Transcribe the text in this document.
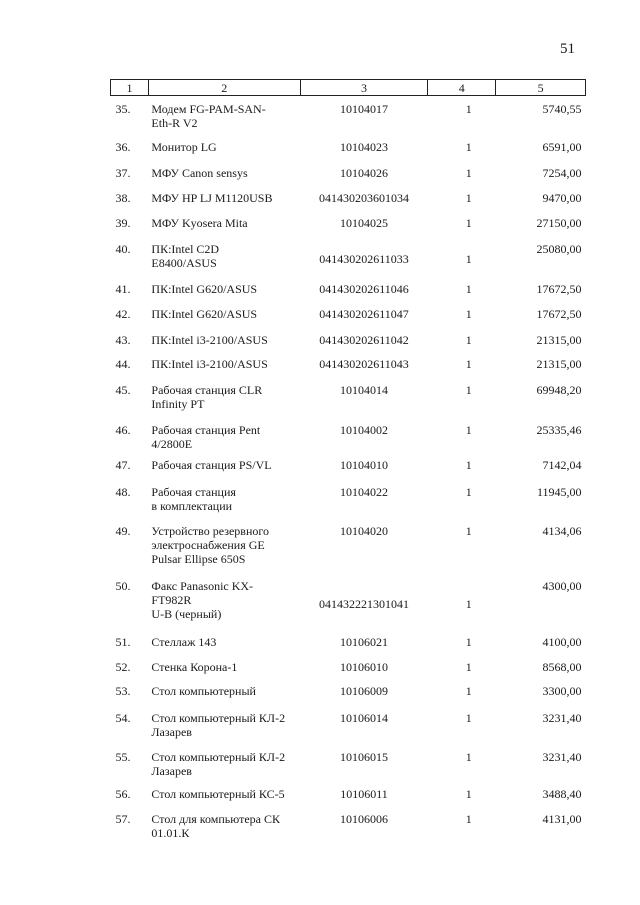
51
1	2	3	4	5
35.	Модем FG-PAM-SAN-
Eth-R V2	10104017	1	5740,55
36.	Монитор LG	10104023	1	6591,00
37.	МФУ Canon sensys	10104026	1	7254,00
38.	МФУ HP LJ M1120USB	041430203601034	1	9470,00
39.	МФУ Kyosera Mita	10104025	1	27150,00
40.	ПК:Intel C2D
E8400/ASUS	041430202611033	1	25080,00
41.	ПК:Intel G620/ASUS	041430202611046	1	17672,50
42.	ПК:Intel G620/ASUS	041430202611047	1	17672,50
43.	ПК:Intel i3-2100/ASUS	041430202611042	1	21315,00
44.	ПК:Intel i3-2100/ASUS	041430202611043	1	21315,00
45.	Рабочая станция CLR
Infinity PT	10104014	1	69948,20
46.	Рабочая станция Pent
4/2800E	10104002	1	25335,46
47.	Рабочая станция PS/VL	10104010	1	7142,04
48.	Рабочая станция
в комплектации	10104022	1	11945,00
49.	Устройство резервного
электроснабжения GE
Pulsar Ellipse 650S	10104020	1	4134,06
50.	Факс Panasonic KX-
FT982R
U-B (черный)	041432221301041	1	4300,00
51.	Стеллаж 143	10106021	1	4100,00
52.	Стенка Корона-1	10106010	1	8568,00
53.	Стол компьютерный	10106009	1	3300,00
54.	Стол компьютерный КЛ-2
Лазарев	10106014	1	3231,40
55.	Стол компьютерный КЛ-2
Лазарев	10106015	1	3231,40
56.	Стол компьютерный КС-5	10106011	1	3488,40
57.	Стол для компьютера СК
01.01.К	10106006	1	4131,00
